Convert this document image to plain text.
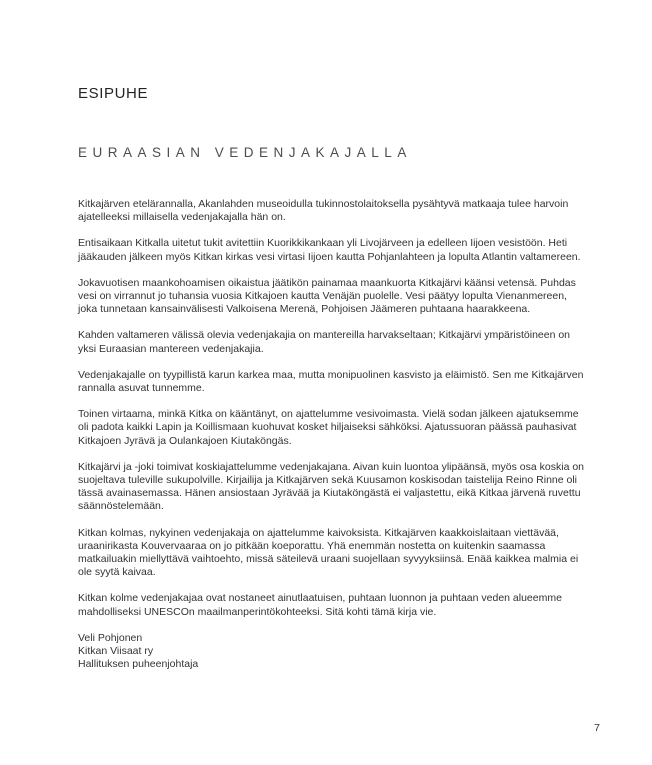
ESIPUHE
EURAASIAN VEDENJAKAJALLA

Kitkajärven etelärannalla, Akanlahden museoidulla tukinnostolaitoksella pysähtyvä matkaaja tulee harvoin ajatelleeksi millaisella vedenjakajalla hän on.

Entisaikaan Kitkalla uitetut tukit avitettiin Kuorikkikankaan yli Livojärveen ja edelleen Iijoen vesistöön. Heti jääkauden jälkeen myös Kitkan kirkas vesi virtasi Iijoen kautta Pohjanlahteen ja lopulta Atlantin valtamereen.

Jokavuotisen maankohoamisen oikaistua jäätikön painamaa maankuorta Kitkajärvi käänsi vetensä. Puhdas vesi on virrannut jo tuhansia vuosia Kitkajoen kautta Venäjän puolelle. Vesi päätyy lopulta Vienanmereen, joka tunnetaan kansainvälisesti Valkoisena Merenä, Pohjoisen Jäämeren puhtaana haarakkeena.

Kahden valtameren välissä olevia vedenjakajia on mantereilla harvakseltaan; Kitkajärvi ympäristöineen on yksi Euraasian mantereen vedenjakajia.

Vedenjakajalle on tyypillistä karun karkea maa, mutta monipuolinen kasvisto ja eläimistö. Sen me Kitkajärven rannalla asuvat tunnemme.

Toinen virtaama, minkä Kitka on kääntänyt, on ajattelumme vesivoimasta. Vielä sodan jälkeen ajatuksemme oli padota kaikki Lapin ja Koillismaan kuohuvat kosket hiljaiseksi sähköksi. Ajatussuoran päässä pauhasivat Kitkajoen Jyrävä ja Oulankajoen Kiutaköngäs.

Kitkajärvi ja -joki toimivat koskiajattelumme vedenjakajana. Aivan kuin luontoa ylipäänsä, myös osa koskia on suojeltava tuleville sukupolville. Kirjailija ja Kitkajärven sekä Kuusamon koskisodan taistelija Reino Rinne oli tässä avainasemassa. Hänen ansiostaan Jyrävää ja Kiutaköngästä ei valjastettu, eikä Kitkaa järvenä ruvettu säännöstelemään.

Kitkan kolmas, nykyinen vedenjakaja on ajattelumme kaivoksista. Kitkajärven kaakkoislaitaan viettävää, uraanirikasta Kouvervaaraa on jo pitkään koeporattu. Yhä enemmän nostetta on kuitenkin saamassa matkailuakin miellyttävä vaihtoehto, missä säteilevä uraani suojellaan syvyyksiinsä. Enää kaikkea malmia ei ole syytä kaivaa.

Kitkan kolme vedenjakajaa ovat nostaneet ainutlaatuisen, puhtaan luonnon ja puhtaan veden alueemme mahdolliseksi UNESCOn maailmanperintökohteeksi. Sitä kohti tämä kirja vie.

Veli Pohjonen
Kitkan Viisaat ry
Hallituksen puheenjohtaja
7
